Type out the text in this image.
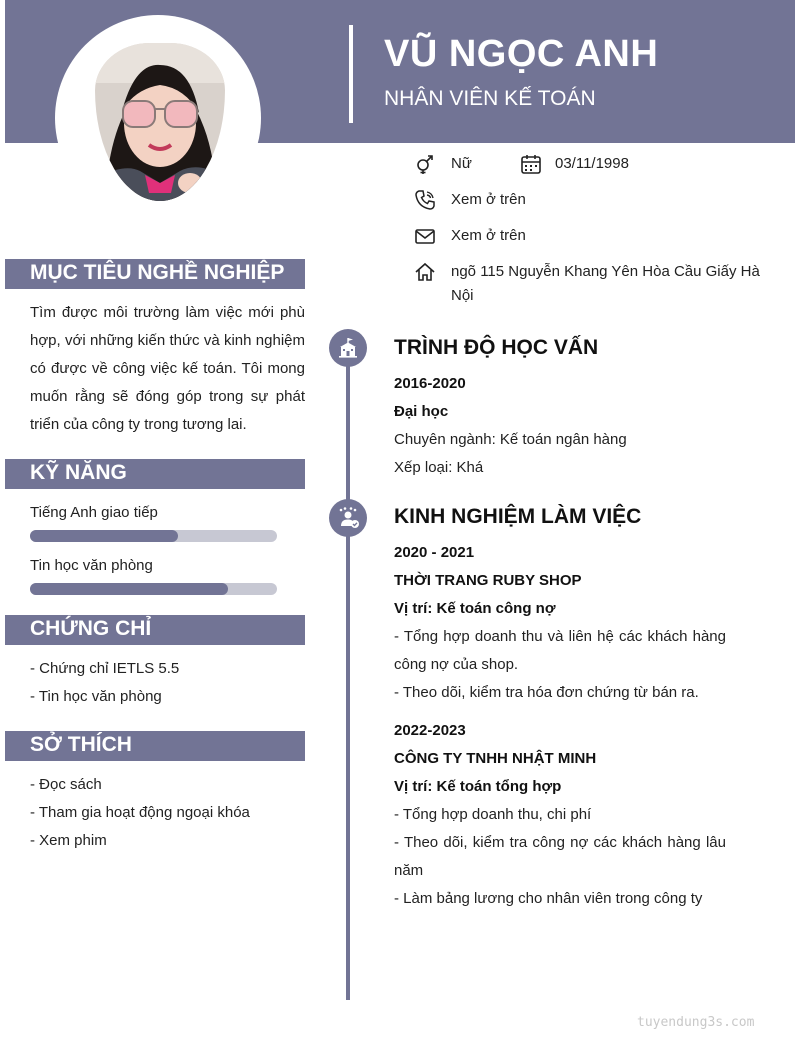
VŨ NGỌC ANH
NHÂN VIÊN KẾ TOÁN
Nữ	03/11/1998
Xem ở trên
Xem ở trên
ngõ 115 Nguyễn Khang Yên Hòa Cầu Giấy Hà
Nội
MỤC TIÊU NGHỀ NGHIỆP
Tìm được môi trường làm việc mới phù hợp, với những kiến thức và kinh nghiệm có được về công việc kế toán. Tôi mong muốn rằng sẽ đóng góp trong sự phát triển của công ty trong tương lai.
KỸ NĂNG
Tiếng Anh giao tiếp
Tin học văn phòng
CHỨNG CHỈ
- Chứng chỉ IETLS 5.5
- Tin học văn phòng
SỞ THÍCH
- Đọc sách
- Tham gia hoạt động ngoại khóa
- Xem phim
TRÌNH ĐỘ HỌC VẤN
2016-2020
Đại học
Chuyên ngành: Kế toán ngân hàng
Xếp loại: Khá
KINH NGHIỆM LÀM VIỆC
2020 - 2021
THỜI TRANG RUBY SHOP
Vị trí: Kế toán công nợ
- Tổng hợp doanh thu và liên hệ các khách hàng công nợ của shop.
- Theo dõi, kiểm tra hóa đơn chứng từ bán ra.
2022-2023
CÔNG TY TNHH NHẬT MINH
Vị trí: Kế toán tổng hợp
- Tổng hợp doanh thu, chi phí
- Theo dõi, kiểm tra công nợ các khách hàng lâu năm
- Làm bảng lương cho nhân viên trong công ty
tuyendung3s.com
